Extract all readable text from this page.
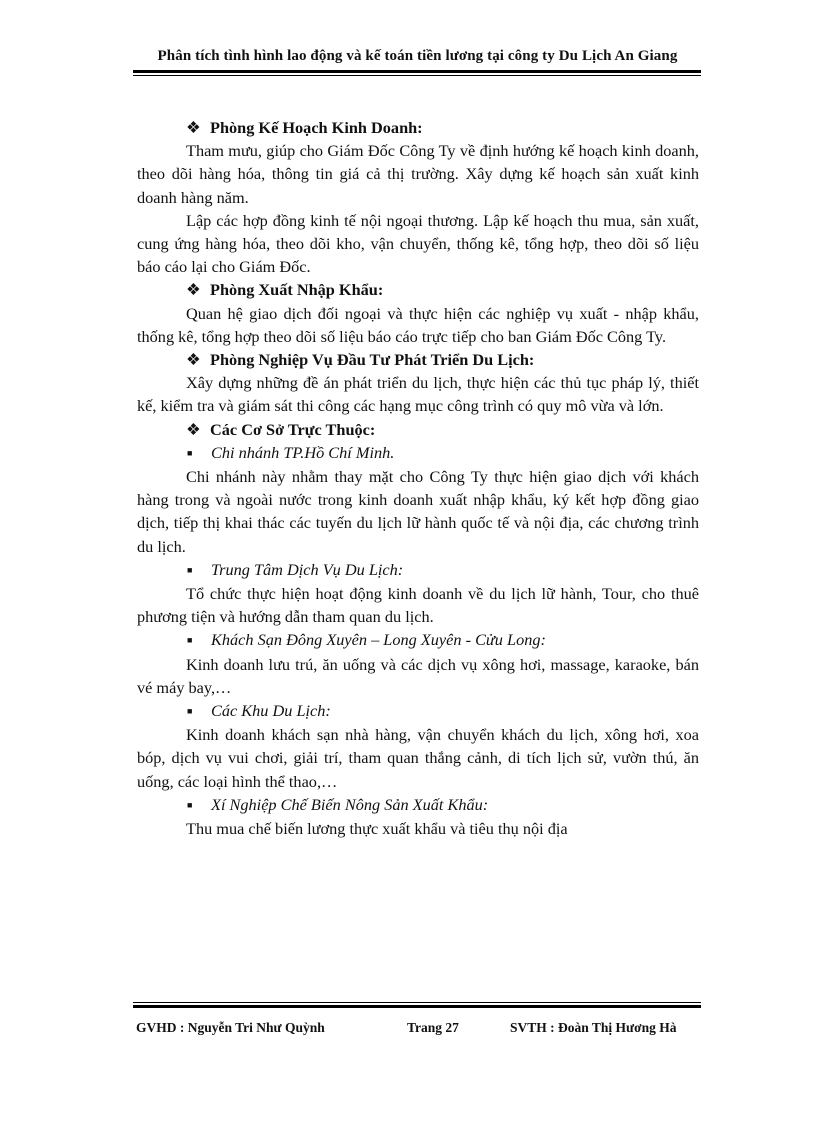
Phân tích tình hình lao động và kế toán tiền lương tại công ty Du Lịch An Giang

❖ Phòng Kế Hoạch Kinh Doanh:

Tham mưu, giúp cho Giám Đốc Công Ty về định hướng kế hoạch kinh doanh, theo dõi hàng hóa, thông tin giá cả thị trường. Xây dựng kế hoạch sản xuất kinh doanh hàng năm.

Lập các hợp đồng kinh tế nội ngoại thương. Lập kế hoạch thu mua, sản xuất, cung ứng hàng hóa, theo dõi kho, vận chuyển, thống kê, tổng hợp, theo dõi số liệu báo cáo lại cho Giám Đốc.

❖ Phòng Xuất Nhập Khẩu:

Quan hệ giao dịch đối ngoại và thực hiện các nghiệp vụ xuất - nhập khẩu, thống kê, tổng hợp theo dõi số liệu báo cáo trực tiếp cho ban Giám Đốc Công Ty.

❖ Phòng Nghiệp Vụ Đầu Tư Phát Triển Du Lịch:

Xây dựng những đề án phát triển du lịch, thực hiện các thủ tục pháp lý, thiết kế, kiểm tra và giám sát thi công các hạng mục công trình có quy mô vừa và lớn.

❖ Các Cơ Sở Trực Thuộc:

■ Chi nhánh TP.Hồ Chí Minh.

Chi nhánh này nhằm thay mặt cho Công Ty thực hiện giao dịch với khách hàng trong và ngoài nước trong kinh doanh xuất nhập khẩu, ký kết hợp đồng giao dịch, tiếp thị khai thác các tuyến du lịch lữ hành quốc tế và nội địa, các chương trình du lịch.

■ Trung Tâm Dịch Vụ Du Lịch:

Tổ chức thực hiện hoạt động kinh doanh về du lịch lữ hành, Tour, cho thuê phương tiện và hướng dẫn tham quan du lịch.

■ Khách Sạn Đông Xuyên – Long Xuyên - Cửu Long:

Kinh doanh lưu trú, ăn uống và các dịch vụ xông hơi, massage, karaoke, bán vé máy bay,…

■ Các Khu Du Lịch:

Kinh doanh khách sạn nhà hàng, vận chuyển khách du lịch, xông hơi, xoa bóp, dịch vụ vui chơi, giải trí, tham quan thắng cảnh, di tích lịch sử, vườn thú, ăn uống, các loại hình thể thao,…

■ Xí Nghiệp Chế Biến Nông Sản Xuất Khẩu:

Thu mua chế biến lương thực xuất khẩu và tiêu thụ nội địa

GVHD : Nguyễn Tri Như Quỳnh	Trang 27	SVTH : Đoàn Thị Hương Hà
